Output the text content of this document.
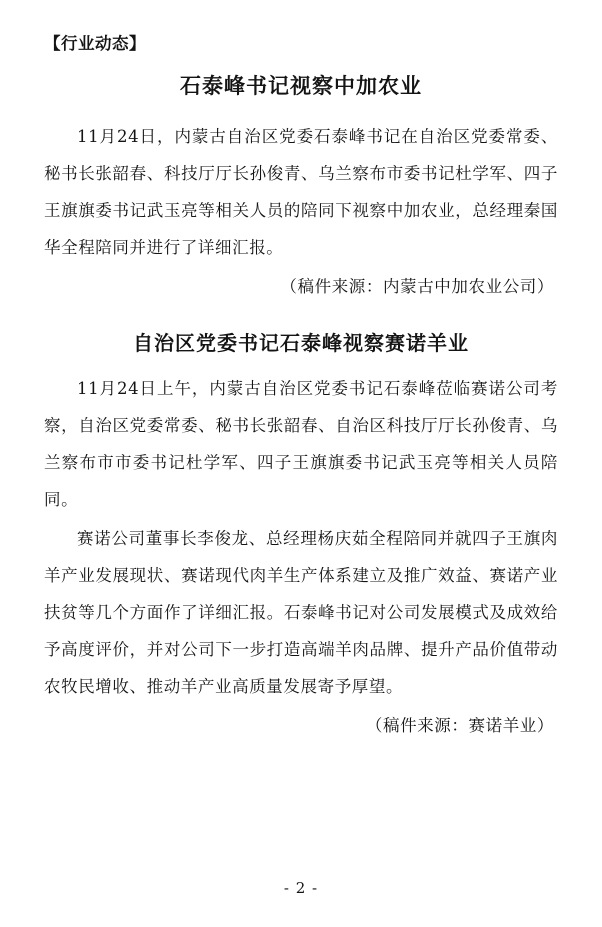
【行业动态】
石泰峰书记视察中加农业

11月24日，内蒙古自治区党委石泰峰书记在自治区党委常委、秘书长张韶春、科技厅厅长孙俊青、乌兰察布市委书记杜学军、四子王旗旗委书记武玉亮等相关人员的陪同下视察中加农业，总经理秦国华全程陪同并进行了详细汇报。

（稿件来源：内蒙古中加农业公司）

自治区党委书记石泰峰视察赛诺羊业

11月24日上午，内蒙古自治区党委书记石泰峰莅临赛诺公司考察，自治区党委常委、秘书长张韶春、自治区科技厅厅长孙俊青、乌兰察布市市委书记杜学军、四子王旗旗委书记武玉亮等相关人员陪同。

赛诺公司董事长李俊龙、总经理杨庆茹全程陪同并就四子王旗肉羊产业发展现状、赛诺现代肉羊生产体系建立及推广效益、赛诺产业扶贫等几个方面作了详细汇报。石泰峰书记对公司发展模式及成效给予高度评价，并对公司下一步打造高端羊肉品牌、提升产品价值带动农牧民增收、推动羊产业高质量发展寄予厚望。

（稿件来源：赛诺羊业）

- 2 -
